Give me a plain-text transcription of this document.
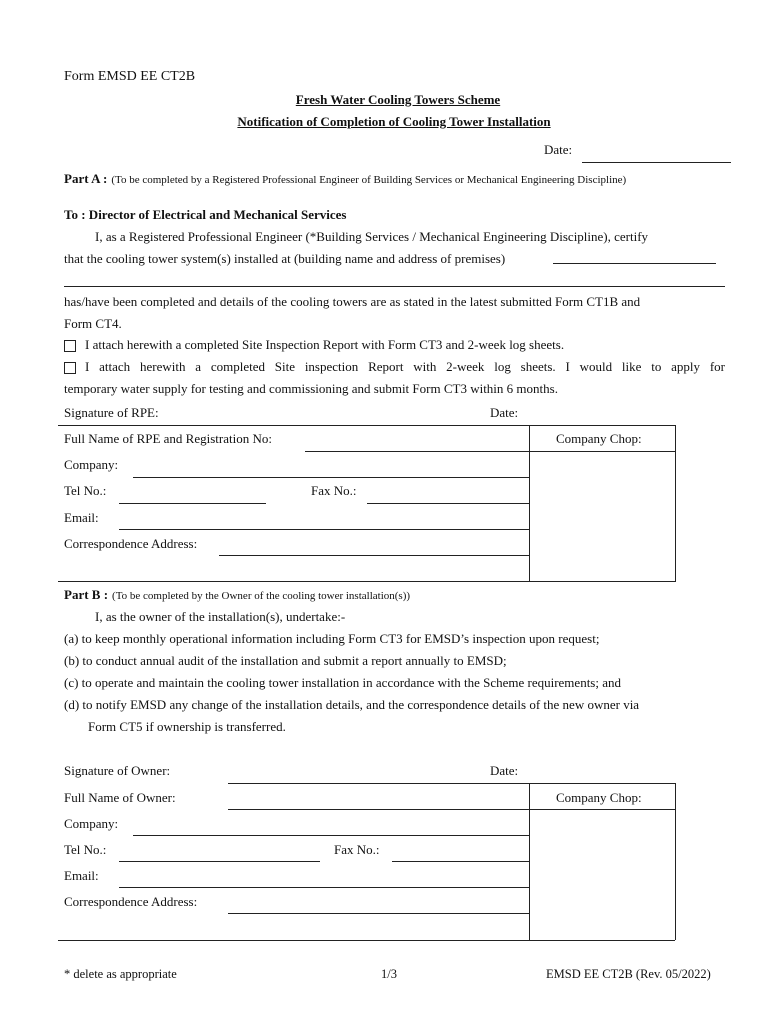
Form EMSD EE CT2B
Fresh Water Cooling Towers Scheme
Notification of Completion of Cooling Tower Installation
Date:
Part A : (To be completed by a Registered Professional Engineer of Building Services or Mechanical Engineering Discipline)
To : Director of Electrical and Mechanical Services
I, as a Registered Professional Engineer (*Building Services / Mechanical Engineering Discipline), certify
that the cooling tower system(s) installed at (building name and address of premises)
has/have been completed and details of the cooling towers are as stated in the latest submitted Form CT1B and
Form CT4.
I attach herewith a completed Site Inspection Report with Form CT3 and 2-week log sheets.
I attach herewith a completed Site inspection Report with 2-week log sheets. I would like to apply for
temporary water supply for testing and commissioning and submit Form CT3 within 6 months.
Signature of RPE:	Date:
Full Name of RPE and Registration No:	Company Chop:
Company:
Tel No.:	Fax No.:
Email:
Correspondence Address:
Part B : (To be completed by the Owner of the cooling tower installation(s))
I, as the owner of the installation(s), undertake:-
(a) to keep monthly operational information including Form CT3 for EMSD’s inspection upon request;
(b) to conduct annual audit of the installation and submit a report annually to EMSD;
(c) to operate and maintain the cooling tower installation in accordance with the Scheme requirements; and
(d) to notify EMSD any change of the installation details, and the correspondence details of the new owner via
Form CT5 if ownership is transferred.
Signature of Owner:	Date:
Full Name of Owner:	Company Chop:
Company:
Tel No.:	Fax No.:
Email:
Correspondence Address:
* delete as appropriate	1/3	EMSD EE CT2B (Rev. 05/2022)
